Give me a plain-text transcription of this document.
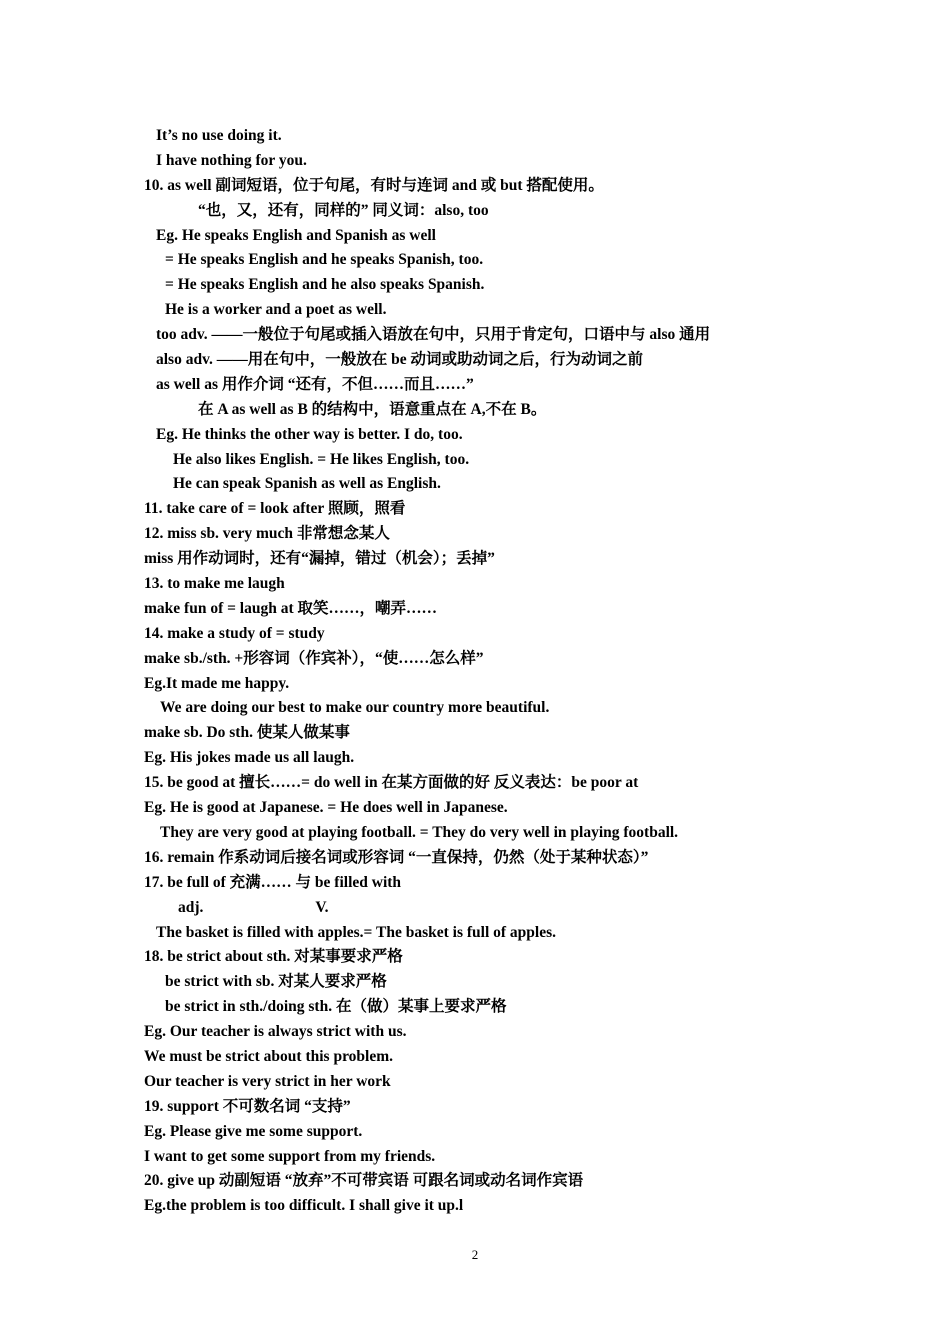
It’s no use doing it.
I have nothing for you.
10. as well 副词短语，位于句尾，有时与连词 and 或 but 搭配使用。
“也，又，还有，同样的” 同义词：also, too
Eg. He speaks English and Spanish as well
= He speaks English and he speaks Spanish, too.
= He speaks English and he also speaks Spanish.
He is a worker and a poet as well.
too adv. ——一般位于句尾或插入语放在句中，只用于肯定句，口语中与 also 通用
also adv. ——用在句中，一般放在 be 动词或助动词之后，行为动词之前
as well as 用作介词 “还有，不但……而且……”
在 A as well as B 的结构中，语意重点在 A,不在 B。
Eg. He thinks the other way is better. I do, too.
He also likes English. = He likes English, too.
He can speak Spanish as well as English.
11. take care of = look after 照顾，照看
12. miss sb. very much 非常想念某人
miss 用作动词时，还有“漏掉，错过（机会）；丢掉”
13. to make me laugh
make fun of = laugh at 取笑……，嘲弄……
14. make a study of = study
make sb./sth. +形容词（作宾补），“使……怎么样”
Eg.It made me happy.
We are doing our best to make our country more beautiful.
make sb. Do sth. 使某人做某事
Eg. His jokes made us all laugh.
15. be good at 擅长……= do well in 在某方面做的好 反义表达：be poor at
Eg. He is good at Japanese. = He does well in Japanese.
They are very good at playing football. = They do very well in playing football.
16. remain 作系动词后接名词或形容词 “一直保持，仍然（处于某种状态）”
17. be full of 充满…… 与 be filled with
adj.	V.
The basket is filled with apples.= The basket is full of apples.
18. be strict about sth. 对某事要求严格
be strict with sb. 对某人要求严格
be strict in sth./doing sth. 在（做）某事上要求严格
Eg. Our teacher is always strict with us.
We must be strict about this problem.
Our teacher is very strict in her work
19. support 不可数名词 “支持”
Eg. Please give me some support.
I want to get some support from my friends.
20. give up 动副短语 “放弃”不可带宾语 可跟名词或动名词作宾语
Eg.the problem is too difficult. I shall give it up.l
2
